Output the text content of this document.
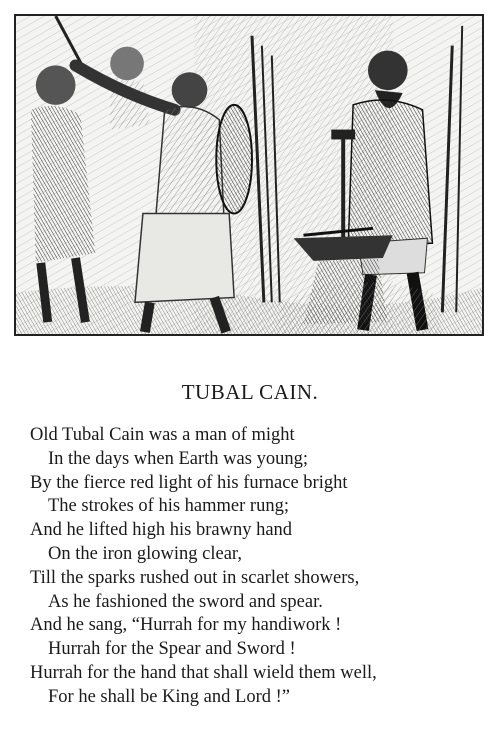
TUBAL CAIN.
Old Tubal Cain was a man of might
In the days when Earth was young;
By the fierce red light of his furnace bright
The strokes of his hammer rung;
And he lifted high his brawny hand
On the iron glowing clear,
Till the sparks rushed out in scarlet showers,
As he fashioned the sword and spear.
And he sang, “Hurrah for my handiwork !
Hurrah for the Spear and Sword !
Hurrah for the hand that shall wield them well,
For he shall be King and Lord !”
